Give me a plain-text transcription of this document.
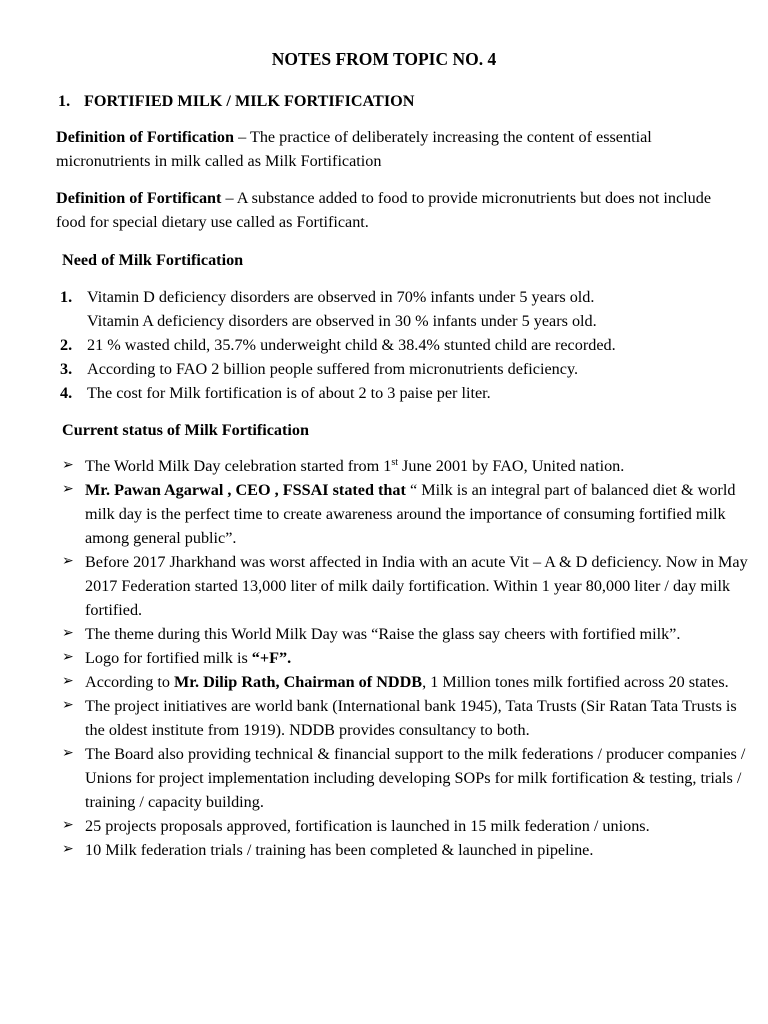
NOTES FROM TOPIC NO. 4
1. FORTIFIED MILK / MILK FORTIFICATION
Definition of Fortification – The practice of deliberately increasing the content of essential micronutrients in milk called as Milk Fortification
Definition of Fortificant – A substance added to food to provide micronutrients but does not include food for special dietary use called as Fortificant.
Need of Milk Fortification
1. Vitamin D deficiency disorders are observed in 70% infants under 5 years old.
Vitamin A deficiency disorders are observed in 30 % infants under 5 years old.
2. 21 % wasted child, 35.7% underweight child & 38.4% stunted child are recorded.
3. According to FAO 2 billion people suffered from micronutrients deficiency.
4. The cost for Milk fortification is of about 2 to 3 paise per liter.
Current status of Milk Fortification
➢ The World Milk Day celebration started from 1st June 2001 by FAO, United nation.
➢ Mr. Pawan Agarwal , CEO , FSSAI stated that “ Milk is an integral part of balanced diet & world milk day is the perfect time to create awareness around the importance of consuming fortified milk among general public”.
➢ Before 2017 Jharkhand was worst affected in India with an acute Vit – A & D deficiency. Now in May 2017 Federation started 13,000 liter of milk daily fortification. Within 1 year 80,000 liter / day milk fortified.
➢ The theme during this World Milk Day was “Raise the glass say cheers with fortified milk”.
➢ Logo for fortified milk is “+F”.
➢ According to Mr. Dilip Rath, Chairman of NDDB, 1 Million tones milk fortified across 20 states.
➢ The project initiatives are world bank (International bank 1945), Tata Trusts (Sir Ratan Tata Trusts is the oldest institute from 1919). NDDB provides consultancy to both.
➢ The Board also providing technical & financial support to the milk federations / producer companies / Unions for project implementation including developing SOPs for milk fortification & testing, trials / training / capacity building.
➢ 25 projects proposals approved, fortification is launched in 15 milk federation / unions.
➢ 10 Milk federation trials / training has been completed & launched in pipeline.
